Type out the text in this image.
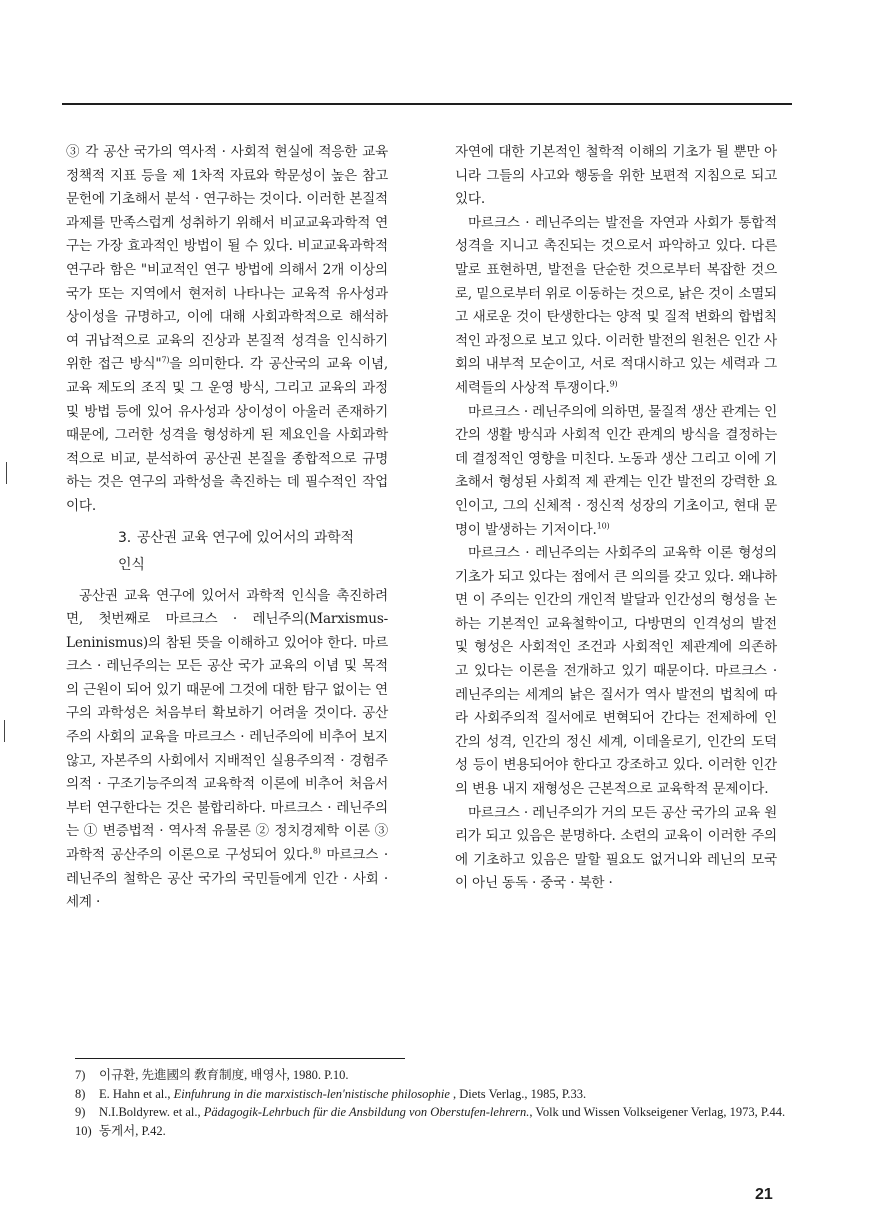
③ 각 공산 국가의 역사적 · 사회적 현실에 적응한 교육 정책적 지표 등을 제 1차적 자료와 학문성이 높은 참고문헌에 기초해서 분석 · 연구하는 것이다. 이러한 본질적 과제를 만족스럽게 성취하기 위해서 비교교육과학적 연구는 가장 효과적인 방법이 될 수 있다. 비교교육과학적 연구라 함은 "비교적인 연구 방법에 의해서 2개 이상의 국가 또는 지역에서 현저히 나타나는 교육적 유사성과 상이성을 규명하고, 이에 대해 사회과학적으로 해석하여 귀납적으로 교육의 진상과 본질적 성격을 인식하기 위한 접근 방식"$^{7)}$을 의미한다. 각 공산국의 교육 이념, 교육 제도의 조직 및 그 운영 방식, 그리고 교육의 과정 및 방법 등에 있어 유사성과 상이성이 아울러 존재하기 때문에, 그러한 성격을 형성하게 된 제요인을 사회과학적으로 비교, 분석하여 공산권 본질을 종합적으로 규명하는 것은 연구의 과학성을 촉진하는 데 필수적인 작업이다.

3. 공산권 교육 연구에 있어서의 과학적
인식

공산권 교육 연구에 있어서 과학적 인식을 촉진하려면, 첫번째로 마르크스 · 레닌주의(Marxismus- Leninismus)의 참된 뜻을 이해하고 있어야 한다. 마르크스 · 레닌주의는 모든 공산 국가 교육의 이념 및 목적의 근원이 되어 있기 때문에 그것에 대한 탐구 없이는 연구의 과학성은 처음부터 확보하기 어려울 것이다. 공산주의 사회의 교육을 마르크스 · 레닌주의에 비추어 보지 않고, 자본주의 사회에서 지배적인 실용주의적 · 경험주의적 · 구조기능주의적 교육학적 이론에 비추어 처음서부터 연구한다는 것은 불합리하다. 마르크스 · 레닌주의는 ① 변증법적 · 역사적 유물론 ② 정치경제학 이론 ③ 과학적 공산주의 이론으로 구성되어 있다.$^{8)}$ 마르크스 · 레닌주의 철학은 공산 국가의 국민들에게 인간 · 사회 · 세계 ·

자연에 대한 기본적인 철학적 이해의 기초가 될 뿐만 아니라 그들의 사고와 행동을 위한 보편적 지침으로 되고 있다.

마르크스 · 레닌주의는 발전을 자연과 사회가 통합적 성격을 지니고 촉진되는 것으로서 파악하고 있다. 다른 말로 표현하면, 발전을 단순한 것으로부터 복잡한 것으로, 밑으로부터 위로 이동하는 것으로, 낡은 것이 소멸되고 새로운 것이 탄생한다는 양적 및 질적 변화의 합법칙적인 과정으로 보고 있다. 이러한 발전의 원천은 인간 사회의 내부적 모순이고, 서로 적대시하고 있는 세력과 그 세력들의 사상적 투쟁이다.$^{9)}$

마르크스 · 레닌주의에 의하면, 물질적 생산 관계는 인간의 생활 방식과 사회적 인간 관계의 방식을 결정하는 데 결정적인 영향을 미친다. 노동과 생산 그리고 이에 기초해서 형성된 사회적 제 관계는 인간 발전의 강력한 요인이고, 그의 신체적 · 정신적 성장의 기초이고, 현대 문명이 발생하는 기저이다.$^{10)}$

마르크스 · 레닌주의는 사회주의 교육학 이론 형성의 기초가 되고 있다는 점에서 큰 의의를 갖고 있다. 왜냐하면 이 주의는 인간의 개인적 발달과 인간성의 형성을 논하는 기본적인 교육철학이고, 다방면의 인격성의 발전 및 형성은 사회적인 조건과 사회적인 제관계에 의존하고 있다는 이론을 전개하고 있기 때문이다. 마르크스 · 레닌주의는 세계의 낡은 질서가 역사 발전의 법칙에 따라 사회주의적 질서에로 변혁되어 간다는 전제하에 인간의 성격, 인간의 정신 세계, 이데올로기, 인간의 도덕성 등이 변용되어야 한다고 강조하고 있다. 이러한 인간의 변용 내지 재형성은 근본적으로 교육학적 문제이다.

마르크스 · 레닌주의가 거의 모든 공산 국가의 교육 원리가 되고 있음은 분명하다. 소련의 교육이 이러한 주의에 기초하고 있음은 말할 필요도 없거니와 레닌의 모국이 아닌 동독 · 중국 · 북한 ·

7)	이규환, 先進國의 敎育制度, 배영사, 1980. P.10.
8)	E. Hahn et al., Einfuhrung in die marxistisch-len'nistische philosophie , Diets Verlag., 1985, P.33.
9)	N.I.Boldyrew. et al., Pädagogik-Lehrbuch für die Ansbildung von Oberstufen-lehrern., Volk und Wissen Volkseigener Verlag, 1973, P.44.
10) 동게서, P.42.
21
